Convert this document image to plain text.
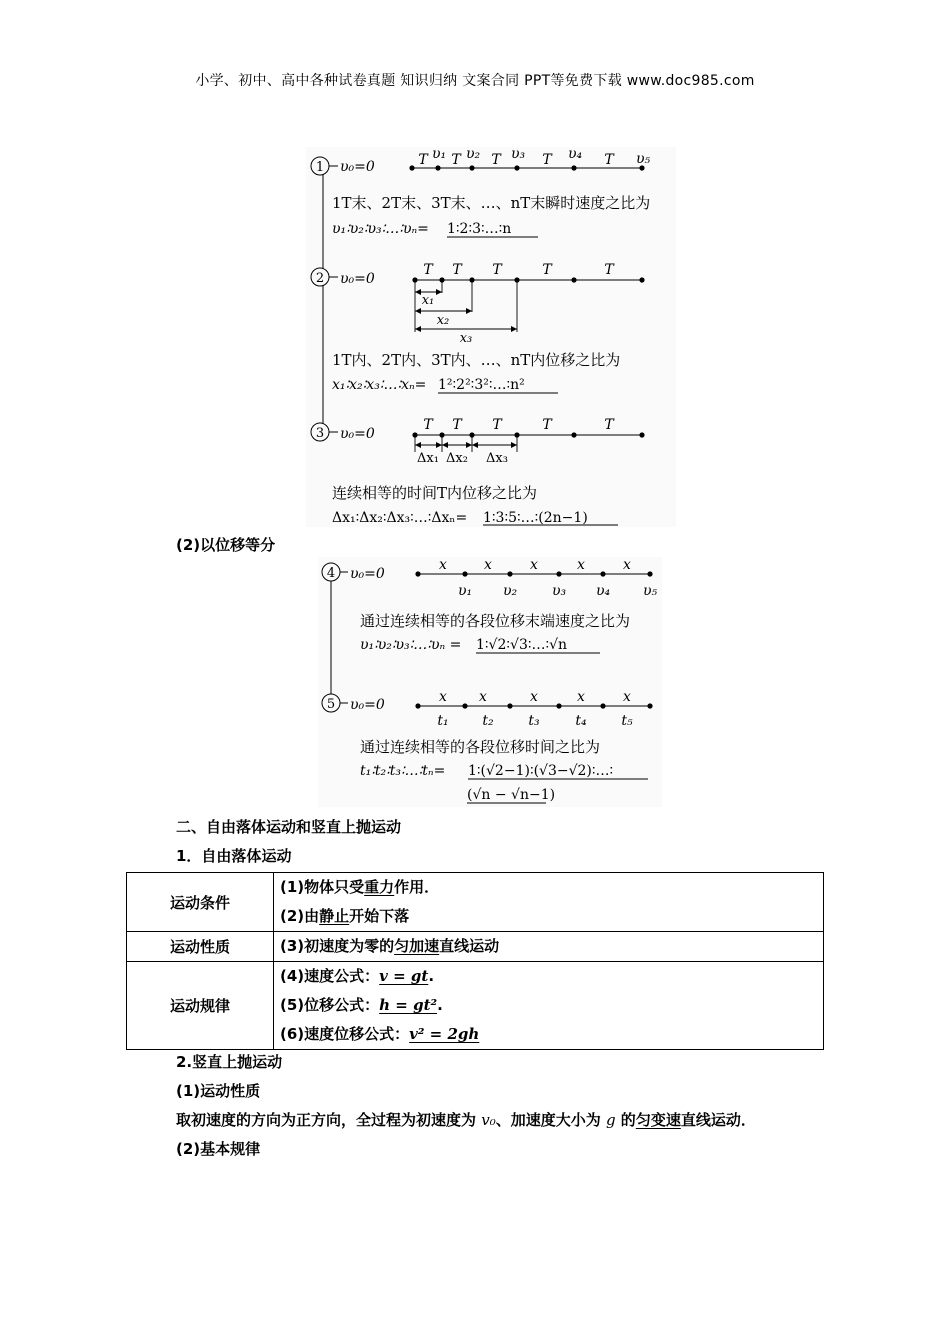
小学、初中、高中各种试卷真题 知识归纳 文案合同 PPT等免费下载 www.doc985.com
1 υ₀=0	T T T	T	T
υ₁ υ₂ υ₃	υ₄	υ₅
1T末、2T末、3T末、…、nT末瞬时速度之比为
υ₁∶υ₂∶υ₃∶…∶υₙ= 1∶2∶3∶…∶n
2 υ₀=0
T T T	T	T
x₁
x₂
x₃
1T内、2T内、3T内、…、nT内位移之比为
x₁∶x₂∶x₃∶…∶xₙ= 1²∶2²∶3²∶…∶n²
3 υ₀=0
T T T	T	T
Δx₁ Δx₂ Δx₃
连续相等的时间T内位移之比为
Δx₁∶Δx₂∶Δx₃∶…∶Δxₙ= 1∶3∶5∶…∶(2n−1)
(2)以位移等分
4 υ₀=0
x	x	x	x	x
υ₁ υ₂ υ₃ υ₄ υ₅
通过连续相等的各段位移末端速度之比为
υ₁∶υ₂∶υ₃∶…∶υₙ = 1∶√2∶√3∶…∶√n
5 υ₀=0	x x	x	x	x
t₁ t₂ t₃	t₄ t₅
通过连续相等的各段位移时间之比为
t₁∶t₂∶t₃∶…∶tₙ= 1∶(√2−1)∶(√3−√2)∶…∶
(√n − √n−1)
二、自由落体运动和竖直上抛运动
1．自由落体运动
运动条件	(1)物体只受重力作用．
(2)由静止开始下落

运动性质	(3)初速度为零的匀加速直线运动

运动规律	(4)速度公式：v = gt.
(5)位移公式：h = gt².
(6)速度位移公式：v² = 2gh
2.竖直上抛运动
(1)运动性质
取初速度的方向为正方向，全过程为初速度为 v₀、加速度大小为 g 的匀变速直线运动．
(2)基本规律
